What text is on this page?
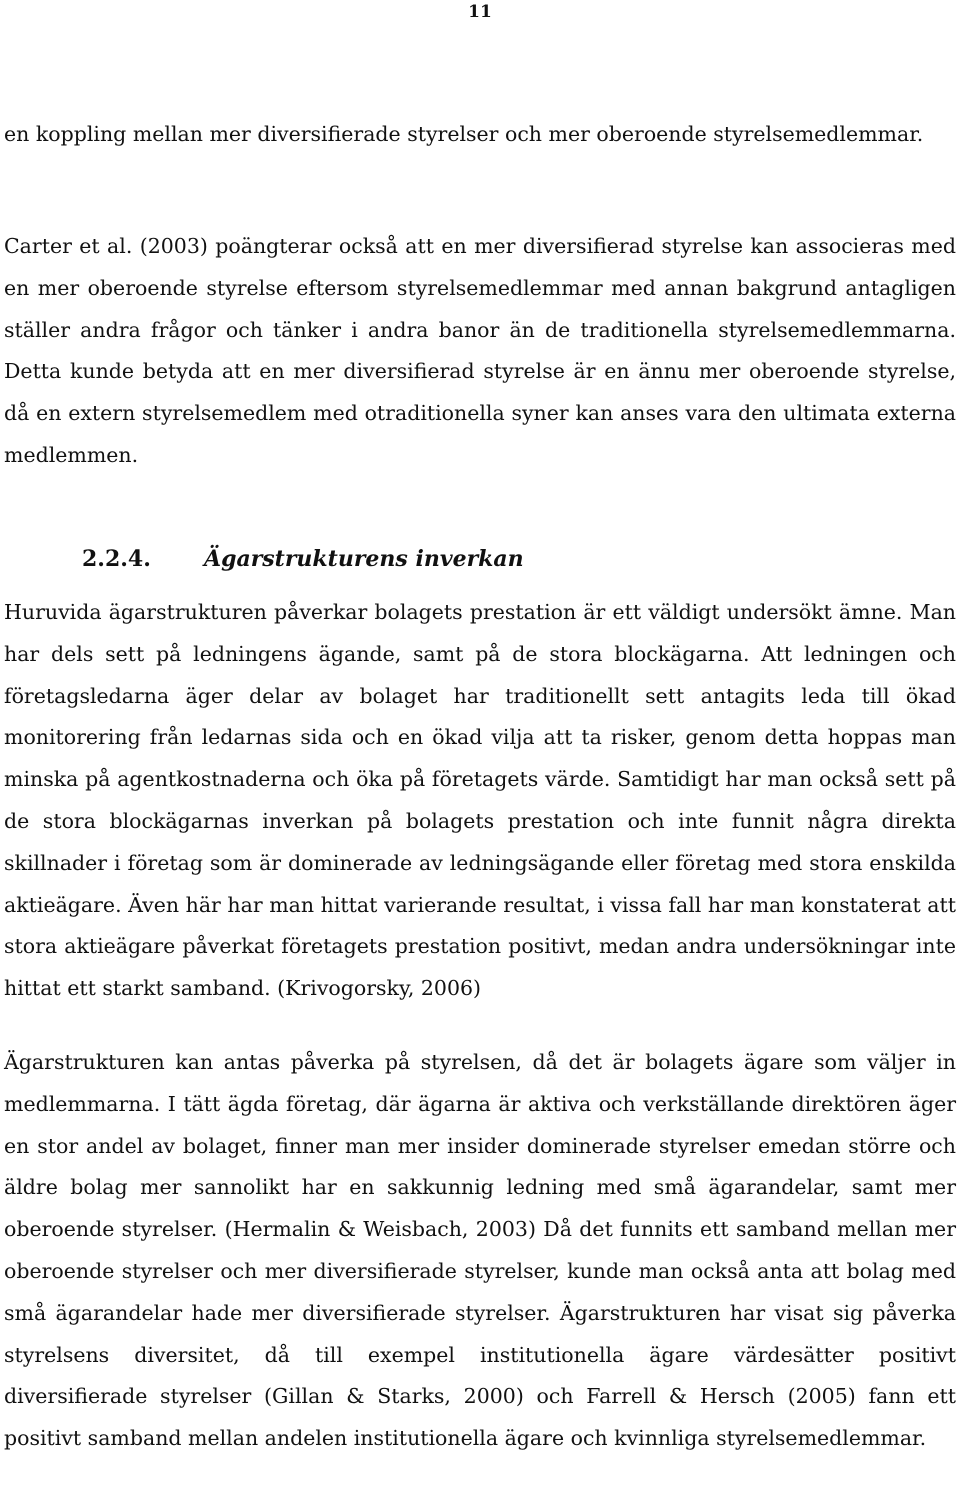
11

en koppling mellan mer diversifierade styrelser och mer oberoende styrelsemedlemmar.

Carter et al. (2003) poängterar också att en mer diversifierad styrelse kan associeras med en mer oberoende styrelse eftersom styrelsemedlemmar med annan bakgrund antagligen ställer andra frågor och tänker i andra banor än de traditionella styrelsemedlemmarna. Detta kunde betyda att en mer diversifierad styrelse är en ännu mer oberoende styrelse, då en extern styrelsemedlem med otraditionella syner kan anses vara den ultimata externa medlemmen.

2.2.4. Ägarstrukturens inverkan

Huruvida ägarstrukturen påverkar bolagets prestation är ett väldigt undersökt ämne. Man har dels sett på ledningens ägande, samt på de stora blockägarna. Att ledningen och företagsledarna äger delar av bolaget har traditionellt sett antagits leda till ökad monitorering från ledarnas sida och en ökad vilja att ta risker, genom detta hoppas man minska på agentkostnaderna och öka på företagets värde. Samtidigt har man också sett på de stora blockägarnas inverkan på bolagets prestation och inte funnit några direkta skillnader i företag som är dominerade av ledningsägande eller företag med stora enskilda aktieägare. Även här har man hittat varierande resultat, i vissa fall har man konstaterat att stora aktieägare påverkat företagets prestation positivt, medan andra undersökningar inte hittat ett starkt samband. (Krivogorsky, 2006)

Ägarstrukturen kan antas påverka på styrelsen, då det är bolagets ägare som väljer in medlemmarna. I tätt ägda företag, där ägarna är aktiva och verkställande direktören äger en stor andel av bolaget, finner man mer insider dominerade styrelser emedan större och äldre bolag mer sannolikt har en sakkunnig ledning med små ägarandelar, samt mer oberoende styrelser. (Hermalin & Weisbach, 2003) Då det funnits ett samband mellan mer oberoende styrelser och mer diversifierade styrelser, kunde man också anta att bolag med små ägarandelar hade mer diversifierade styrelser. Ägarstrukturen har visat sig påverka styrelsens diversitet, då till exempel institutionella ägare värdesätter positivt diversifierade styrelser (Gillan & Starks, 2000) och Farrell & Hersch (2005) fann ett positivt samband mellan andelen institutionella ägare och kvinnliga styrelsemedlemmar.
